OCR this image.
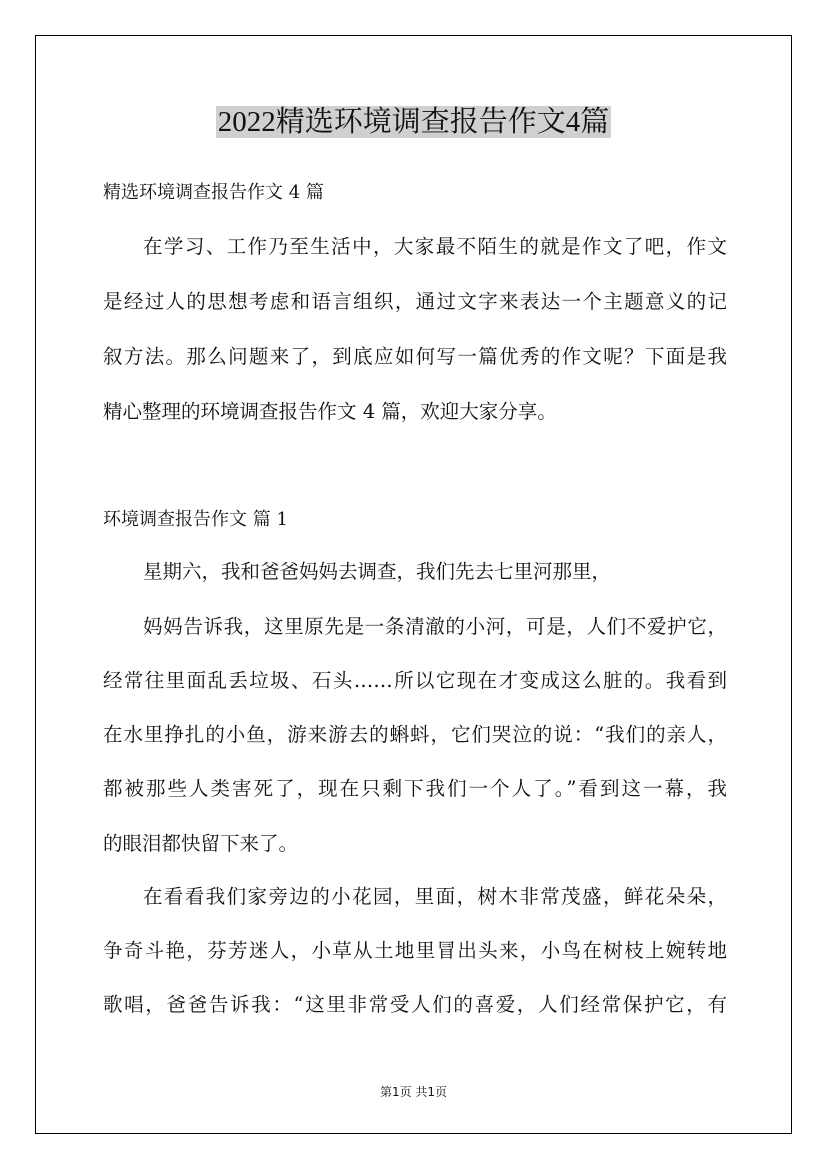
2022精选环境调查报告作文4篇
精选环境调查报告作文 4 篇
在学习、工作乃至生活中，大家最不陌生的就是作文了吧，作文
是经过人的思想考虑和语言组织，通过文字来表达一个主题意义的记
叙方法。那么问题来了，到底应如何写一篇优秀的作文呢？下面是我
精心整理的环境调查报告作文 4 篇，欢迎大家分享。
环境调查报告作文 篇 1
星期六，我和爸爸妈妈去调查，我们先去七里河那里，
妈妈告诉我，这里原先是一条清澈的小河，可是，人们不爱护它，
经常往里面乱丢垃圾、石头……所以它现在才变成这么脏的。我看到
在水里挣扎的小鱼，游来游去的蝌蚪，它们哭泣的说：“我们的亲人，
都被那些人类害死了，现在只剩下我们一个人了。”看到这一幕，我
的眼泪都快留下来了。
在看看我们家旁边的小花园，里面，树木非常茂盛，鲜花朵朵，
争奇斗艳，芬芳迷人，小草从土地里冒出头来，小鸟在树枝上婉转地
歌唱，爸爸告诉我：“这里非常受人们的喜爱，人们经常保护它，有
第1页 共1页
